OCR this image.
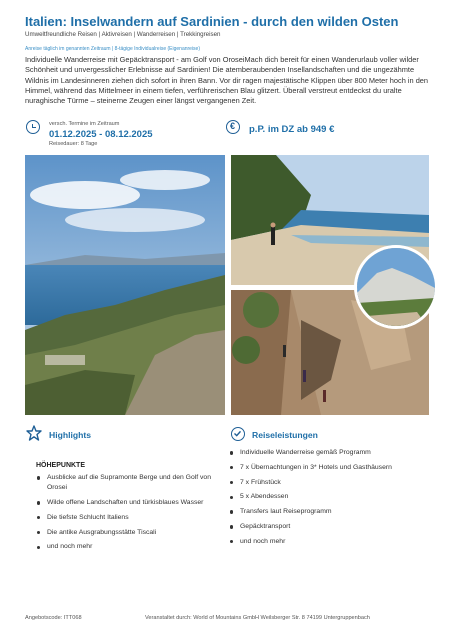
Italien: Inselwandern auf Sardinien - durch den wilden Osten
Umweltfreundliche Reisen | Aktivreisen | Wanderreisen | Trekkingreisen
Anreise täglich im genannten Zeitraum | 8-tägige Individualreise (Eigenanreise)
Individuelle Wanderreise mit Gepäcktransport - am Golf von OroseiMach dich bereit für einen Wanderurlaub voller wilder Schönheit und unvergesslicher Erlebnisse auf Sardinien! Die atemberaubenden Insellandschaften und die ungezähmte Wildnis im Landesinneren ziehen dich sofort in ihren Bann. Vor dir ragen majestätische Klippen über 800 Meter hoch in den Himmel, während das Mittelmeer in einem tiefen, verführerischen Blau glitzert. Überall verstreut entdeckst du uralte nuraghische Türme – steinerne Zeugen einer längst vergangenen Zeit.
versch. Termine im Zeitraum
01.12.2025 - 08.12.2025
Reisedauer: 8 Tage
€	p.P. im DZ ab 949 €
Highlights
HÖHEPUNKTE
Ausblicke auf die Supramonte Berge und den Golf von Orosei
Wilde offene Landschaften und türkisblaues Wasser
Die tiefste Schlucht Italiens
Die antike Ausgrabungsstätte Tiscali
und noch mehr
Reiseleistungen
Individuelle Wanderreise gemäß Programm
7 x Übernachtungen in 3* Hotels und Gasthäusern
7 x Frühstück
5 x Abendessen
Transfers laut Reiseprogramm
Gepäcktransport
und noch mehr
Angebotscode: ITT068	Veranstaltet durch: World of Mountains GmbH Weilsberger Str. 8 74199 Untergruppenbach
